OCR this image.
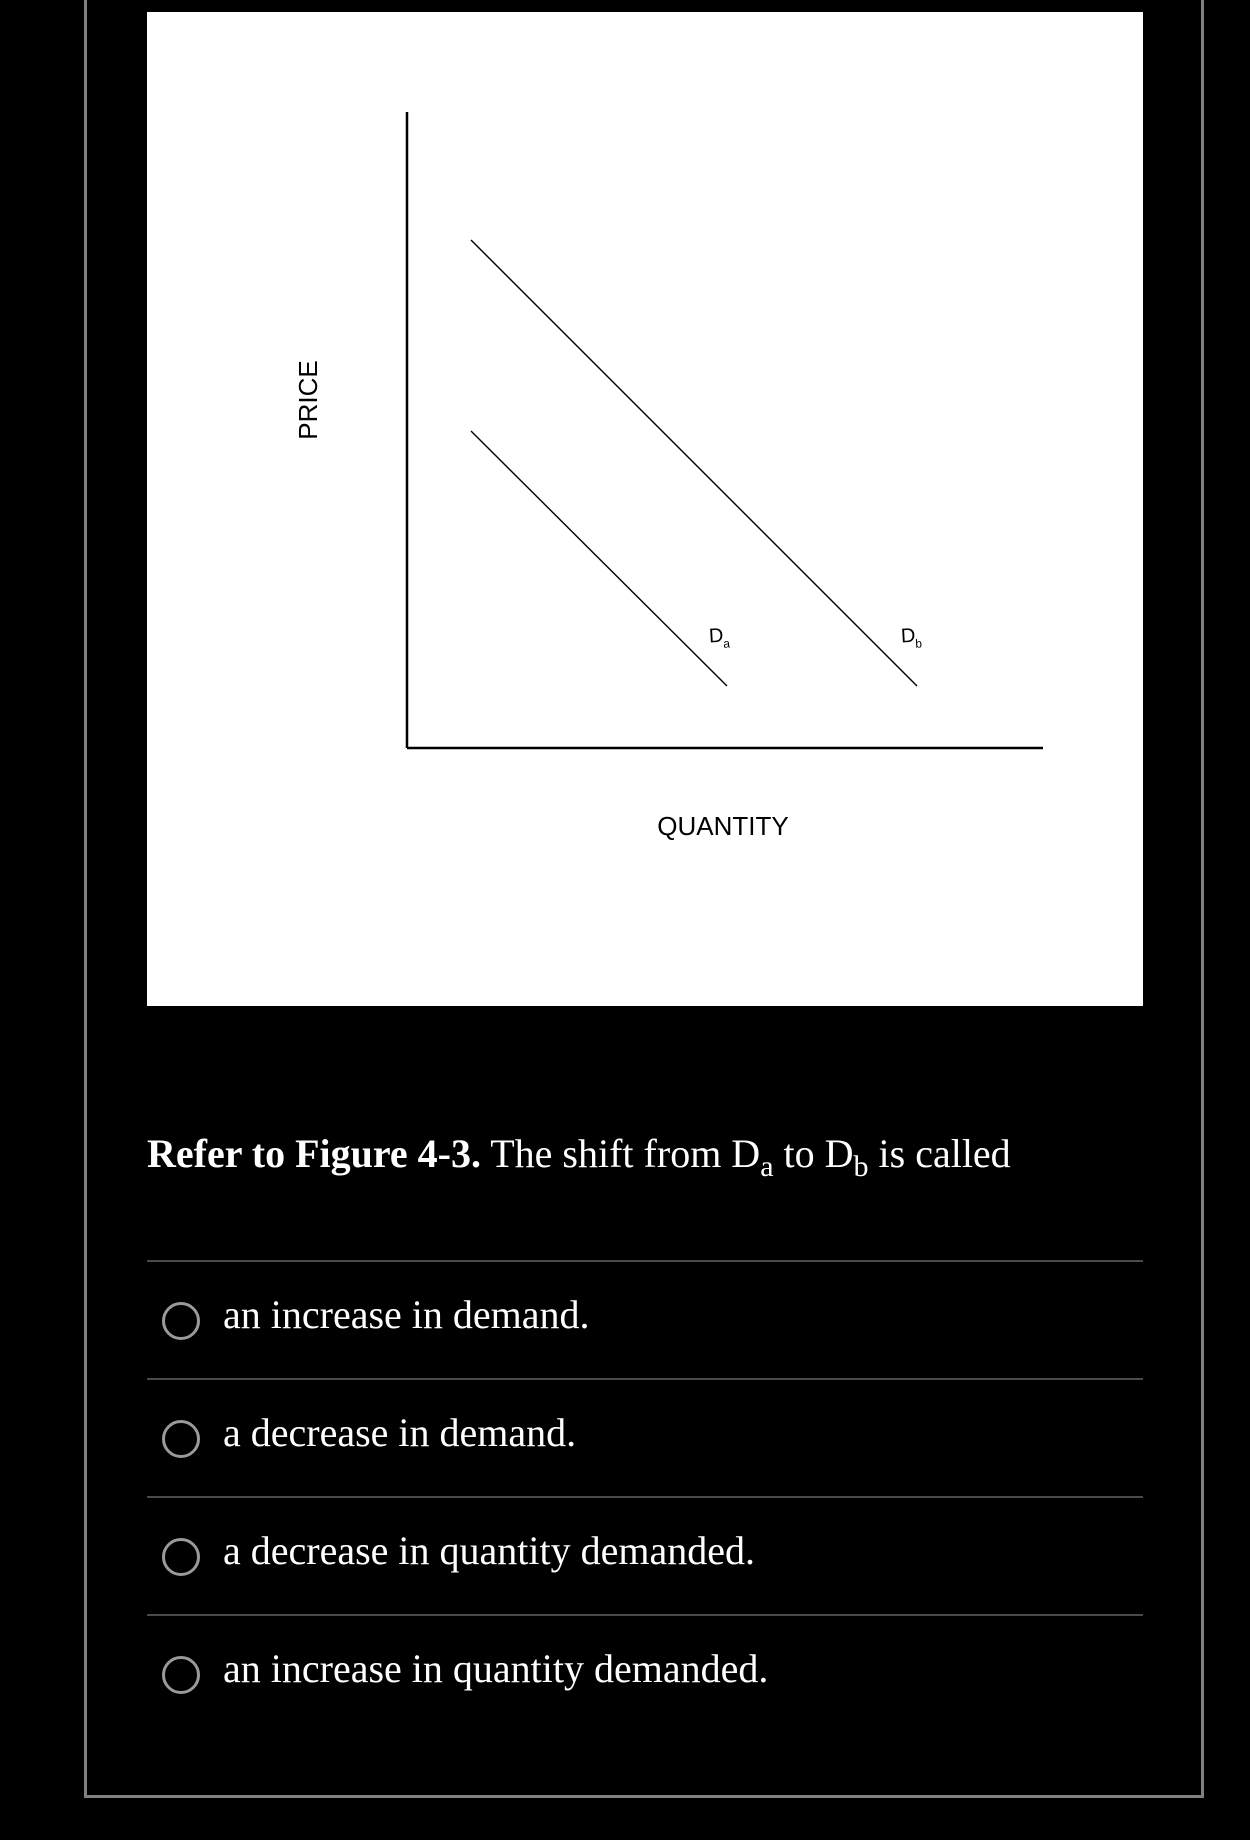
PRICE
QUANTITY
D a	D b
Refer to Figure 4-3. The shift from $D_a$ to $D_b$ is called
an increase in demand.
a decrease in demand.
a decrease in quantity demanded.
an increase in quantity demanded.
